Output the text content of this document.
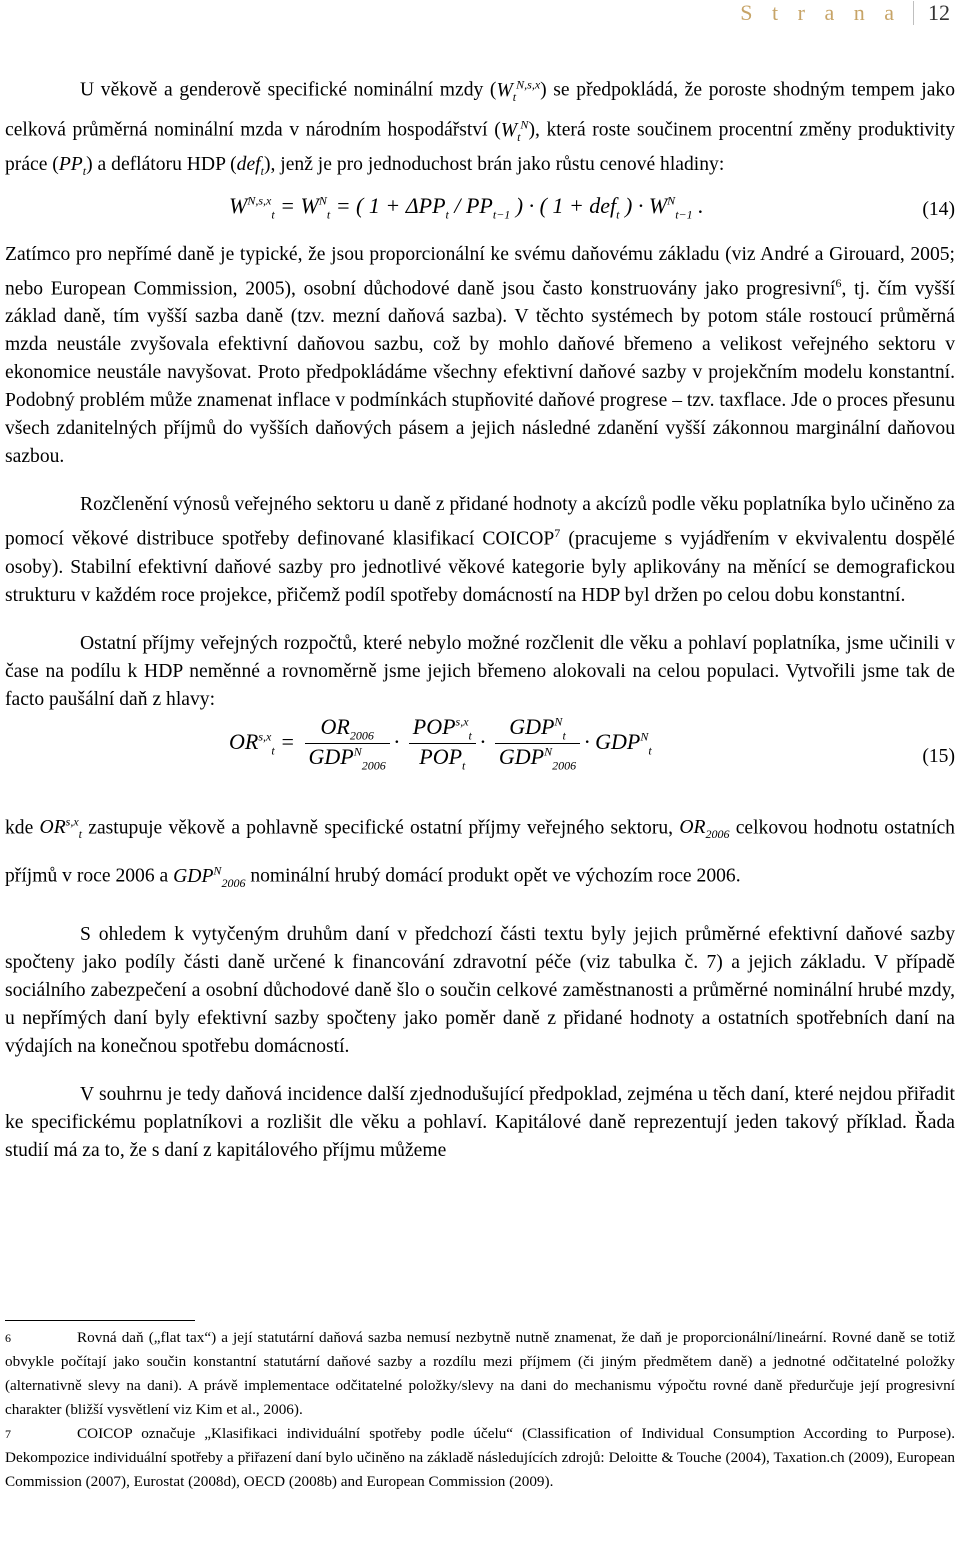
S t r a n a	12

U věkově a genderově specifické nominální mzdy $(W_t^{N,s,x})$ se předpokládá, že poroste shodným tempem jako celková průměrná nominální mzda v národním hospodářství $(W_t^N)$, která roste součinem procentní změny produktivity práce $(PP_t)$ a deflátoru HDP (def$_t$), jenž je pro jednoduchost brán jako růstu cenové hladiny:

$W^{N,s,x}_t = W^N_t$ = ( $1 + \Delta PP_t / PP_{t-1}$ ) · ( 1 + def$_t$ ) · $W^N_{t-1}$ .	(14)

Zatímco pro nepřímé daně je typické, že jsou proporcionální ke svému daňovému základu (viz André a Girouard, 2005; nebo European Commission, 2005), osobní důchodové daně jsou často konstruovány jako progresivní$^6$, tj. čím vyšší základ daně, tím vyšší sazba daně (tzv. mezní daňová sazba). V těchto systémech by potom stále rostoucí průměrná mzda neustále zvyšovala efektivní daňovou sazbu, což by mohlo daňové břemeno a velikost veřejného sektoru v ekonomice neustále navyšovat. Proto předpokládáme všechny efektivní daňové sazby v projekčním modelu konstantní. Podobný problém může znamenat inflace v podmínkách stupňovité daňové progrese – tzv. taxflace. Jde o proces přesunu všech zdanitelných příjmů do vyšších daňových pásem a jejich následné zdanění vyšší zákonnou marginální daňovou sazbou.

Rozčlenění výnosů veřejného sektoru u daně z přidané hodnoty a akcízů podle věku poplatníka bylo učiněno za pomocí věkové distribuce spotřeby definované klasifikací COICOP$^7$ (pracujeme s vyjádřením v ekvivalentu dospělé osoby). Stabilní efektivní daňové sazby pro jednotlivé věkové kategorie byly aplikovány na měnící se demografickou strukturu v každém roce projekce, přičemž podíl spotřeby domácností na HDP byl držen po celou dobu konstantní.

Ostatní příjmy veřejných rozpočtů, které nebylo možné rozčlenit dle věku a pohlaví poplatníka, jsme učinili v čase na podílu k HDP neměnné a rovnoměrně jsme jejich břemeno alokovali na celou populaci. Vytvořili jsme tak de facto paušální daň z hlavy:

$OR^{s,x}_t = \frac{OR_{2006}}{GDP^N_{2006}} \cdot \frac{POP^{s,x}_t}{POP_t} \cdot \frac{GDP^N_t}{GDP^N_{2006}} \cdot GDP^N_t$	(15)

kde OR$^{s,x}_t$ zastupuje věkově a pohlavně specifické ostatní příjmy veřejného sektoru, $OR_{2006}$ celkovou hodnotu ostatních příjmů v roce 2006 a $GDP^N_{2006}$ nominální hrubý domácí produkt opět ve výchozím roce 2006.

S ohledem k vytyčeným druhům daní v předchozí části textu byly jejich průměrné efektivní daňové sazby spočteny jako podíly části daně určené k financování zdravotní péče (viz tabulka č. 7) a jejich základu. V případě sociálního zabezpečení a osobní důchodové daně šlo o součin celkové zaměstnanosti a průměrné nominální hrubé mzdy, u nepřímých daní byly efektivní sazby spočteny jako poměr daně z přidané hodnoty a ostatních spotřebních daní na výdajích na konečnou spotřebu domácností.

V souhrnu je tedy daňová incidence další zjednodušující předpoklad, zejména u těch daní, které nejdou přiřadit ke specifickému poplatníkovi a rozlišit dle věku a pohlaví. Kapitálové daně reprezentují jeden takový příklad. Řada studií má za to, že s daní z kapitálového příjmu můžeme

6	Rovná daň („flat tax“) a její statutární daňová sazba nemusí nezbytně nutně znamenat, že daň je proporcionální/lineární. Rovné daně se totiž obvykle počítají jako součin konstantní statutární daňové sazby a rozdílu mezi příjmem (či jiným předmětem daně) a jednotné odčitatelné položky (alternativně slevy na dani). A právě implementace odčitatelné položky/slevy na dani do mechanismu výpočtu rovné daně předurčuje její progresivní charakter (bližší vysvětlení viz Kim et al., 2006).

7	COICOP označuje „Klasifikaci individuální spotřeby podle účelu“ (Classification of Individual Consumption According to Purpose). Dekompozice individuální spotřeby a přiřazení daní bylo učiněno na základě následujících zdrojů: Deloitte & Touche (2004), Taxation.ch (2009), European Commission (2007), Eurostat (2008d), OECD (2008b) and European Commission (2009).
